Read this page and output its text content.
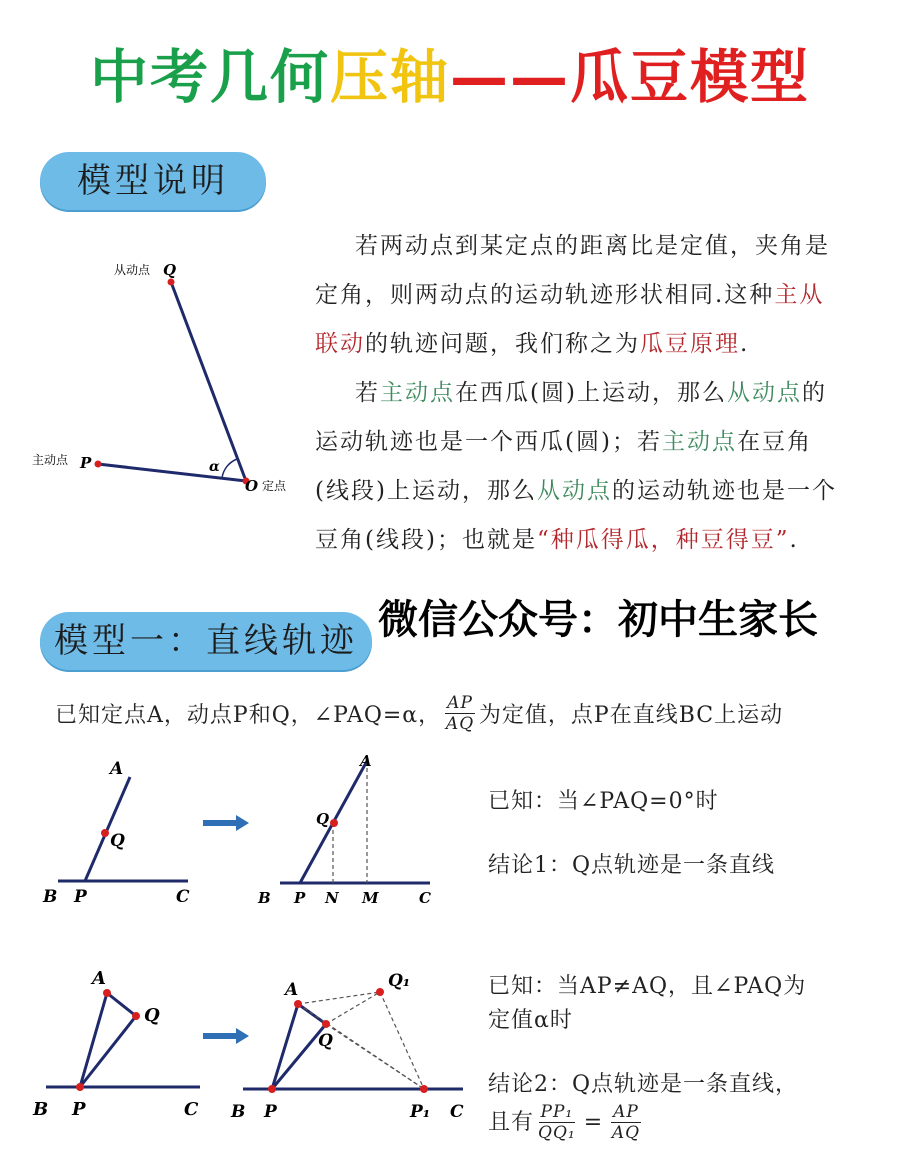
中考几何压轴——瓜豆模型
模型说明
从动点 Q
主动点 P	α
O 定点
若两动点到某定点的距离比是定值，夹角是
定角，则两动点的运动轨迹形状相同.这种主从
联动的轨迹问题，我们称之为瓜豆原理.
若主动点在西瓜(圆)上运动，那么从动点的
运动轨迹也是一个西瓜(圆)；若主动点在豆角
(线段)上运动，那么从动点的运动轨迹也是一个
豆角(线段)；也就是“种瓜得瓜，种豆得豆”.
微信公众号：初中生家长
模型一：直线轨迹
已知定点A，动点P和Q，∠PAQ=α， $\frac{AP}{AQ}$ 为定值，点P在直线BC上运动
A
Q
B P	C
A
Q
B P N M	C
已知：当∠PAQ=0°时
结论1：Q点轨迹是一条直线
A
Q
B P	C
A
Q
Q₁
B P	P₁ C
已知：当AP≠AQ，且∠PAQ为
定值α时
结论2：Q点轨迹是一条直线，
且有 $\frac{\text{PP₁}}{\text{QQ₁}} = \frac{AP}{AQ}$
